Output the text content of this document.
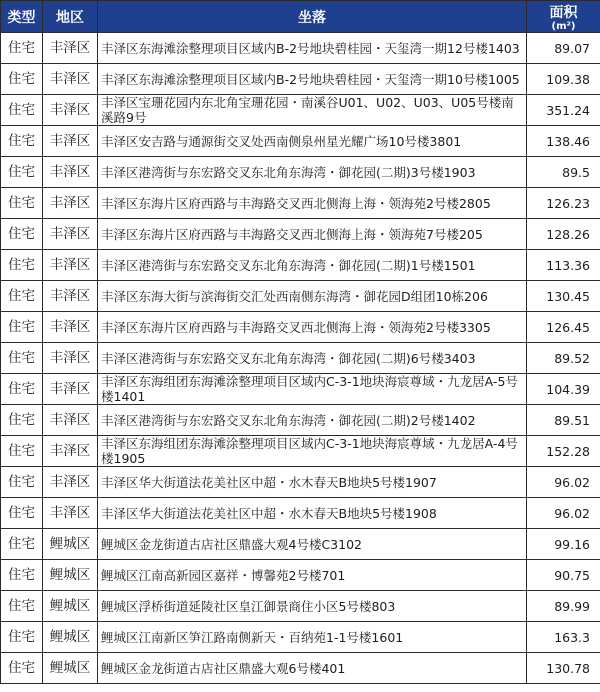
类型	地区	坐落	面积
(m²)

住宅	丰泽区	丰泽区东海滩涂整理项目区域内B-2号地块碧桂园・天玺湾一期12号楼1403	89.07
住宅	丰泽区	丰泽区东海滩涂整理项目区域内B-2号地块碧桂园・天玺湾一期10号楼1005	109.38
住宅	丰泽区	丰泽区宝珊花园内东北角宝珊花园・南溪谷U01、U02、U03、U05号楼南溪路9号	351.24
住宅	丰泽区	丰泽区安吉路与通源街交叉处西南侧泉州星光耀广场10号楼3801	138.46
住宅	丰泽区	丰泽区港湾街与东宏路交叉东北角东海湾・御花园(二期)3号楼1903	89.5
住宅	丰泽区	丰泽区东海片区府西路与丰海路交叉西北侧海上海・领海苑2号楼2805	126.23
住宅	丰泽区	丰泽区东海片区府西路与丰海路交叉西北侧海上海・领海苑7号楼205	128.26
住宅	丰泽区	丰泽区港湾街与东宏路交叉东北角东海湾・御花园(二期)1号楼1501	113.36
住宅	丰泽区	丰泽区东海大街与滨海街交汇处西南侧东海湾・御花园D组团10栋206	130.45
住宅	丰泽区	丰泽区东海片区府西路与丰海路交叉西北侧海上海・领海苑2号楼3305	126.45
住宅	丰泽区	丰泽区港湾街与东宏路交叉东北角东海湾・御花园(二期)6号楼3403	89.52
住宅	丰泽区	丰泽区东海组团东海滩涂整理项目区域内C-3-1地块海宸尊域・九龙居A-5号楼1401	104.39
住宅	丰泽区	丰泽区港湾街与东宏路交叉东北角东海湾・御花园(二期)2号楼1402	89.51
住宅	丰泽区	丰泽区东海组团东海滩涂整理项目区域内C-3-1地块海宸尊域・九龙居A-4号楼1905	152.28
住宅	丰泽区	丰泽区华大街道法花美社区中超・水木春天B地块5号楼1907	96.02
住宅	丰泽区	丰泽区华大街道法花美社区中超・水木春天B地块5号楼1908	96.02
住宅	鲤城区	鲤城区金龙街道古店社区鼎盛大观4号楼C3102	99.16
住宅	鲤城区	鲤城区江南高新园区嘉祥・博馨苑2号楼701	90.75
住宅	鲤城区	鲤城区浮桥街道延陵社区皇江御景商住小区5号楼803	89.99
住宅	鲤城区	鲤城区江南新区笋江路南侧新天・百纳苑1-1号楼1601	163.3
住宅	鲤城区	鲤城区金龙街道古店社区鼎盛大观6号楼401	130.78
